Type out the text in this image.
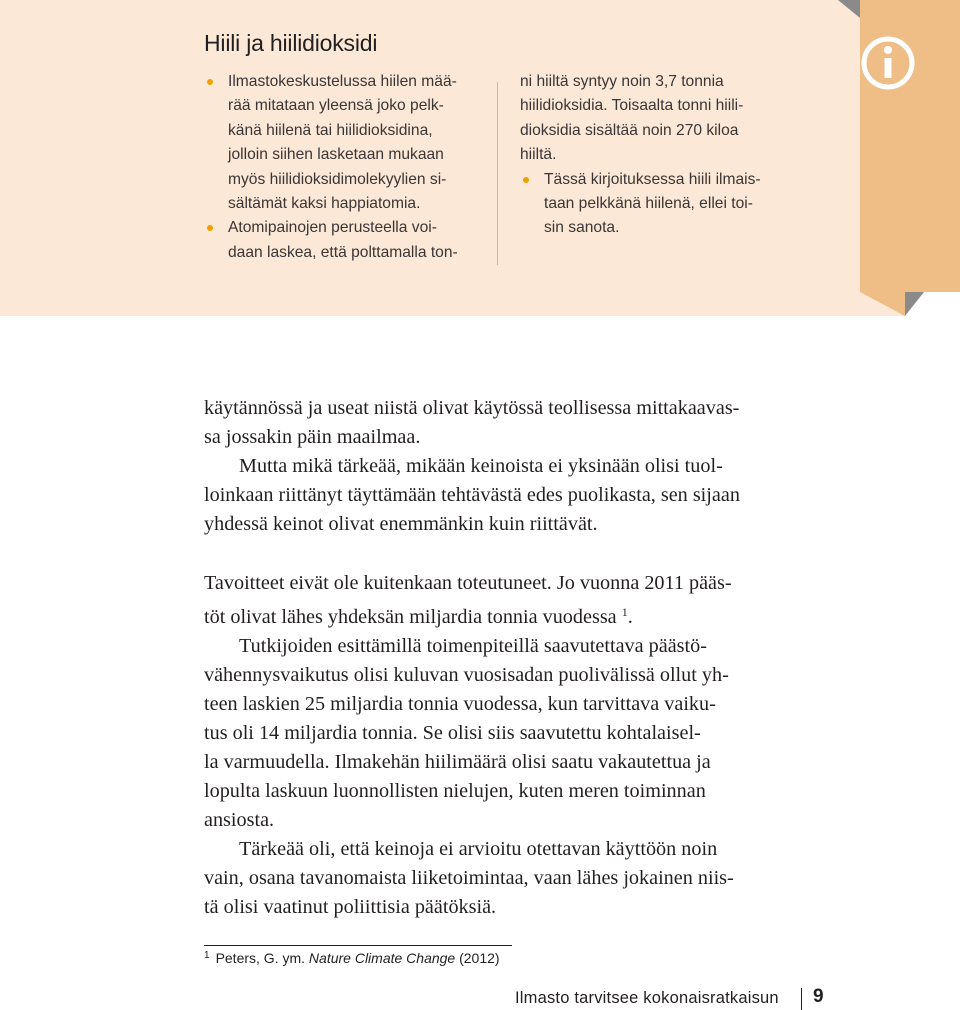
Hiili ja hiilidioksidi
Ilmastokeskustelussa hiilen mää-
rää mitataan yleensä joko pelk-
känä hiilenä tai hiilidioksidina,
jolloin siihen lasketaan mukaan
myös hiilidioksidimolekyylien si-
sältämät kaksi happiatomia.
Atomipainojen perusteella voi-
daan laskea, että polttamalla ton-
ni hiiltä syntyy noin 3,7 tonnia
hiilidioksidia. Toisaalta tonni hiili-
dioksidia sisältää noin 270 kiloa
hiiltä.
Tässä kirjoituksessa hiili ilmais-
taan pelkkänä hiilenä, ellei toi-
sin sanota.

käytännössä ja useat niistä olivat käytössä teollisessa mittakaavas-
sa jossakin päin maailmaa.

Mutta mikä tärkeää, mikään keinoista ei yksinään olisi tuol-
loinkaan riittänyt täyttämään tehtävästä edes puolikasta, sen sijaan
yhdessä keinot olivat enemmänkin kuin riittävät.

Tavoitteet eivät ole kuitenkaan toteutuneet. Jo vuonna 2011 pääs-
töt olivat lähes yhdeksän miljardia tonnia vuodessa $^1$.

Tutkijoiden esittämillä toimenpiteillä saavutettava päästö-
vähennysvaikutus olisi kuluvan vuosisadan puolivälissä ollut yh-
teen laskien 25 miljardia tonnia vuodessa, kun tarvittava vaiku-
tus oli 14 miljardia tonnia. Se olisi siis saavutettu kohtalaisel-
la varmuudella. Ilmakehän hiilimäärä olisi saatu vakautettua ja
lopulta laskuun luonnollisten nielujen, kuten meren toiminnan
ansiosta.

Tärkeää oli, että keinoja ei arvioitu otettavan käyttöön noin
vain, osana tavanomaista liiketoimintaa, vaan lähes jokainen niis-
tä olisi vaatinut poliittisia päätöksiä.

$^1$ Peters, G. ym. Nature Climate Change (2012)
Ilmasto tarvitsee kokonaisratkaisun 9
